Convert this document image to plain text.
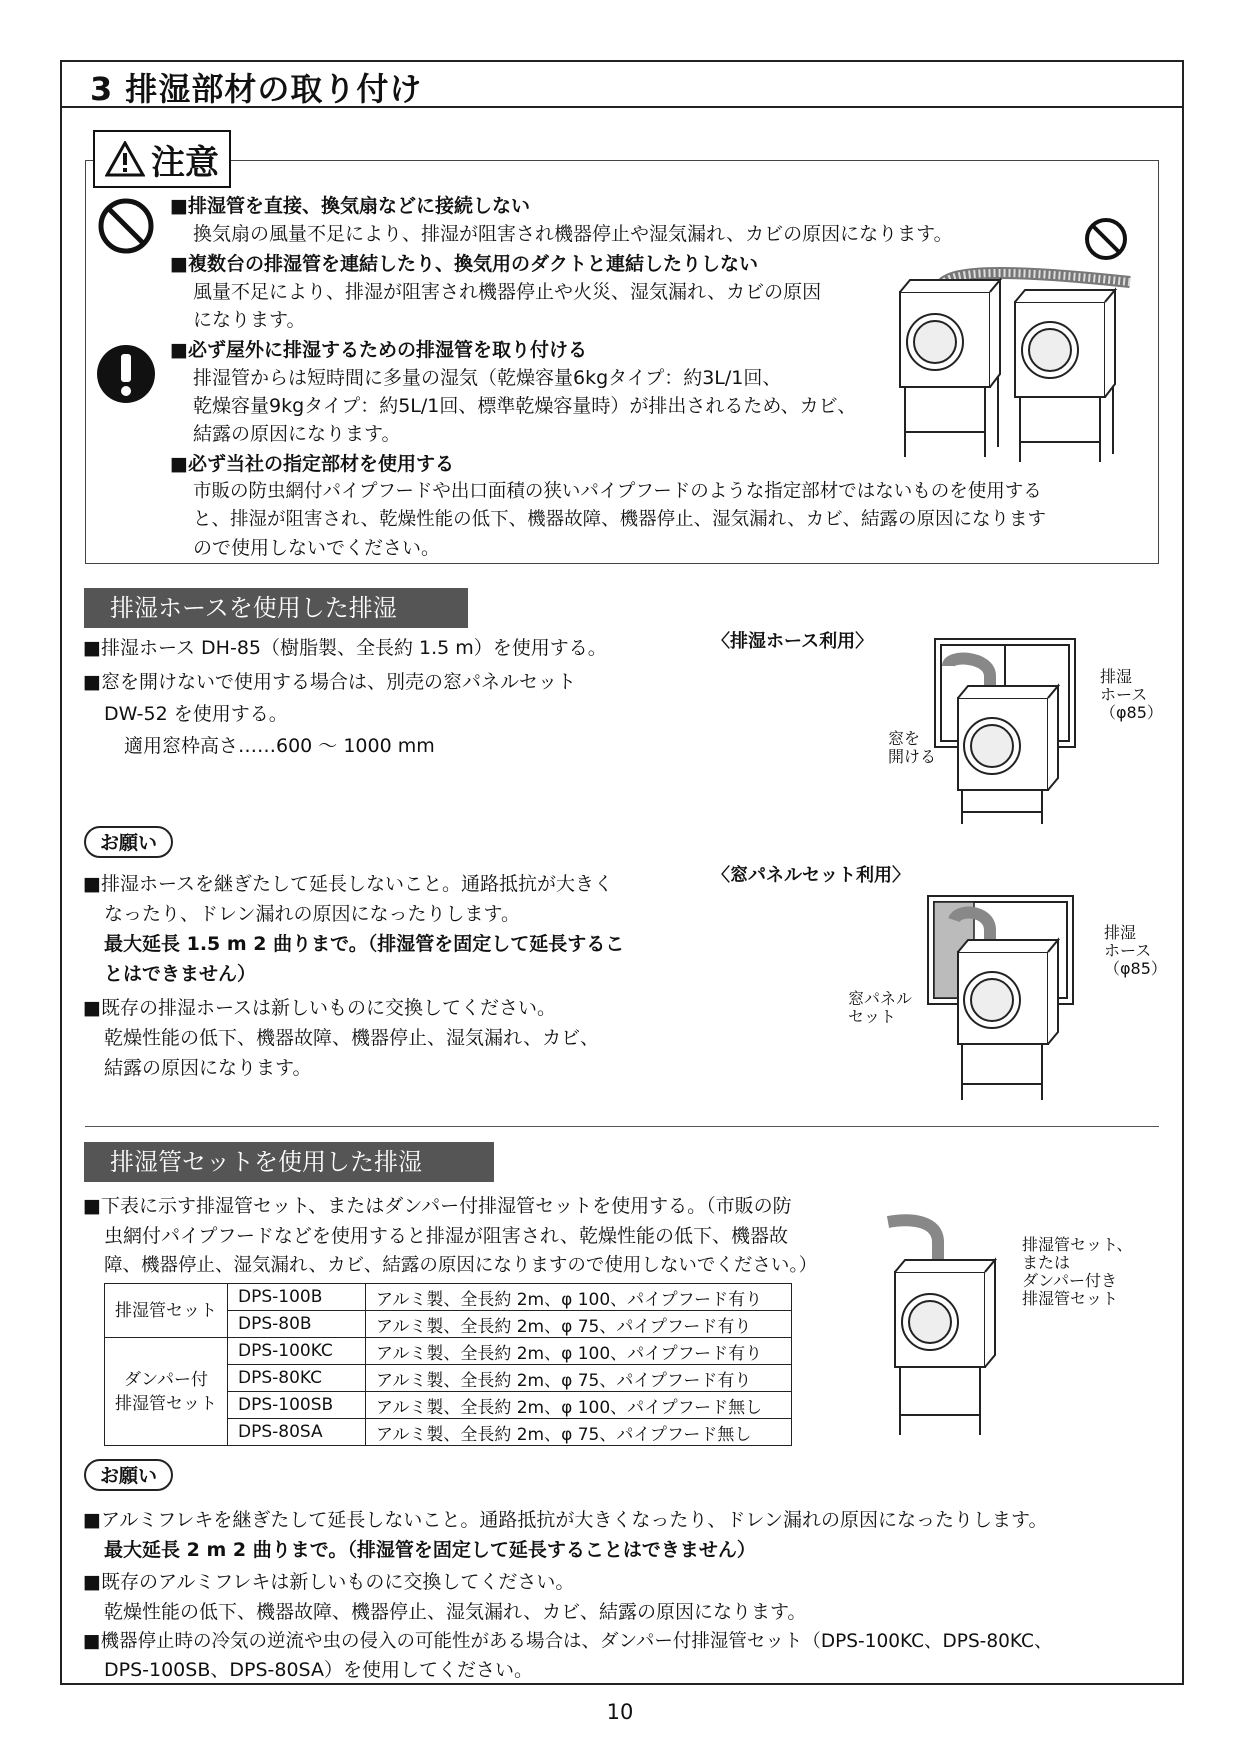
3 排湿部材の取り付け
注意
■排湿管を直接、換気扇などに接続しない
換気扇の風量不足により、排湿が阻害され機器停止や湿気漏れ、カビの原因になります。
■複数台の排湿管を連結したり、換気用のダクトと連結したりしない
風量不足により、排湿が阻害され機器停止や火災、湿気漏れ、カビの原因
になります。
■必ず屋外に排湿するための排湿管を取り付ける
排湿管からは短時間に多量の湿気（乾燥容量6kgタイプ：約3L/1回、
乾燥容量9kgタイプ：約5L/1回、標準乾燥容量時）が排出されるため、カビ、
結露の原因になります。
■必ず当社の指定部材を使用する
市販の防虫網付パイプフードや出口面積の狭いパイプフードのような指定部材ではないものを使用する
と、排湿が阻害され、乾燥性能の低下、機器故障、機器停止、湿気漏れ、カビ、結露の原因になります
ので使用しないでください。
排湿ホースを使用した排湿
■排湿ホース DH-85（樹脂製、全長約 1.5 m）を使用する。
■窓を開けないで使用する場合は、別売の窓パネルセット
DW-52 を使用する。
適用窓枠高さ……600 ～ 1000 mm
お願い
■排湿ホースを継ぎたして延長しないこと。通路抵抗が大きく
なったり、ドレン漏れの原因になったりします。
最大延長 1.5 m 2 曲りまで。（排湿管を固定して延長するこ
とはできません）
■既存の排湿ホースは新しいものに交換してください。
乾燥性能の低下、機器故障、機器停止、湿気漏れ、カビ、
結露の原因になります。
〈排湿ホース利用〉
排湿
ホース
（φ85）
窓を
開ける
〈窓パネルセット利用〉
排湿
ホース
（φ85）
窓パネル
セット
排湿管セットを使用した排湿
■下表に示す排湿管セット、またはダンパー付排湿管セットを使用する。（市販の防
虫網付パイプフードなどを使用すると排湿が阻害され、乾燥性能の低下、機器故
障、機器停止、湿気漏れ、カビ、結露の原因になりますので使用しないでください。）
排湿管セット	DPS-100B	アルミ製、全長約 2m、φ 100、パイプフード有り
	DPS-80B	アルミ製、全長約 2m、φ 75、パイプフード有り

ダンパー付
排湿管セット	DPS-100KC	アルミ製、全長約 2m、φ 100、パイプフード有り
	DPS-80KC	アルミ製、全長約 2m、φ 75、パイプフード有り
	DPS-100SB	アルミ製、全長約 2m、φ 100、パイプフード無し
	DPS-80SA	アルミ製、全長約 2m、φ 75、パイプフード無し
排湿管セット、
または
ダンパー付き
排湿管セット
お願い
■アルミフレキを継ぎたして延長しないこと。通路抵抗が大きくなったり、ドレン漏れの原因になったりします。
最大延長 2 m 2 曲りまで。（排湿管を固定して延長することはできません）
■既存のアルミフレキは新しいものに交換してください。
乾燥性能の低下、機器故障、機器停止、湿気漏れ、カビ、結露の原因になります。
■機器停止時の冷気の逆流や虫の侵入の可能性がある場合は、ダンパー付排湿管セット（DPS-100KC、DPS-80KC、
DPS-100SB、DPS-80SA）を使用してください。
10
